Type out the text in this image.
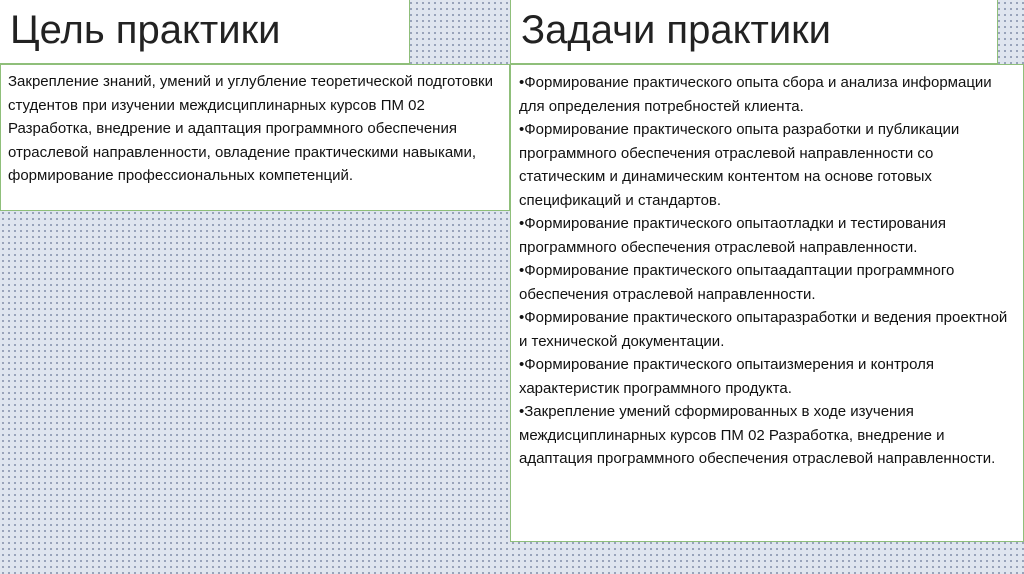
Цель практики	Задачи практики
Закрепление знаний, умений и углубление теоретической подготовки студентов при изучении междисциплинарных курсов ПМ 02 Разработка, внедрение и адаптация программного обеспечения отраслевой направленности, овладение практическими навыками, формирование профессиональных компетенций.

•Формирование практического опыта сбора и анализа информации для определения потребностей клиента.

•Формирование практического опыта разработки и публикации программного обеспечения отраслевой направленности со статическим и динамическим контентом на основе готовых спецификаций и стандартов.

•Формирование практического опытаотладки и тестирования программного обеспечения отраслевой направленности.

•Формирование практического опытаадаптации программного обеспечения отраслевой направленности.

•Формирование практического опытаразработки и ведения проектной и технической документации.

•Формирование практического опытаизмерения и контроля характеристик программного продукта.

•Закрепление умений сформированных в ходе изучения междисциплинарных курсов ПМ 02 Разработка, внедрение и адаптация программного обеспечения отраслевой направленности.
